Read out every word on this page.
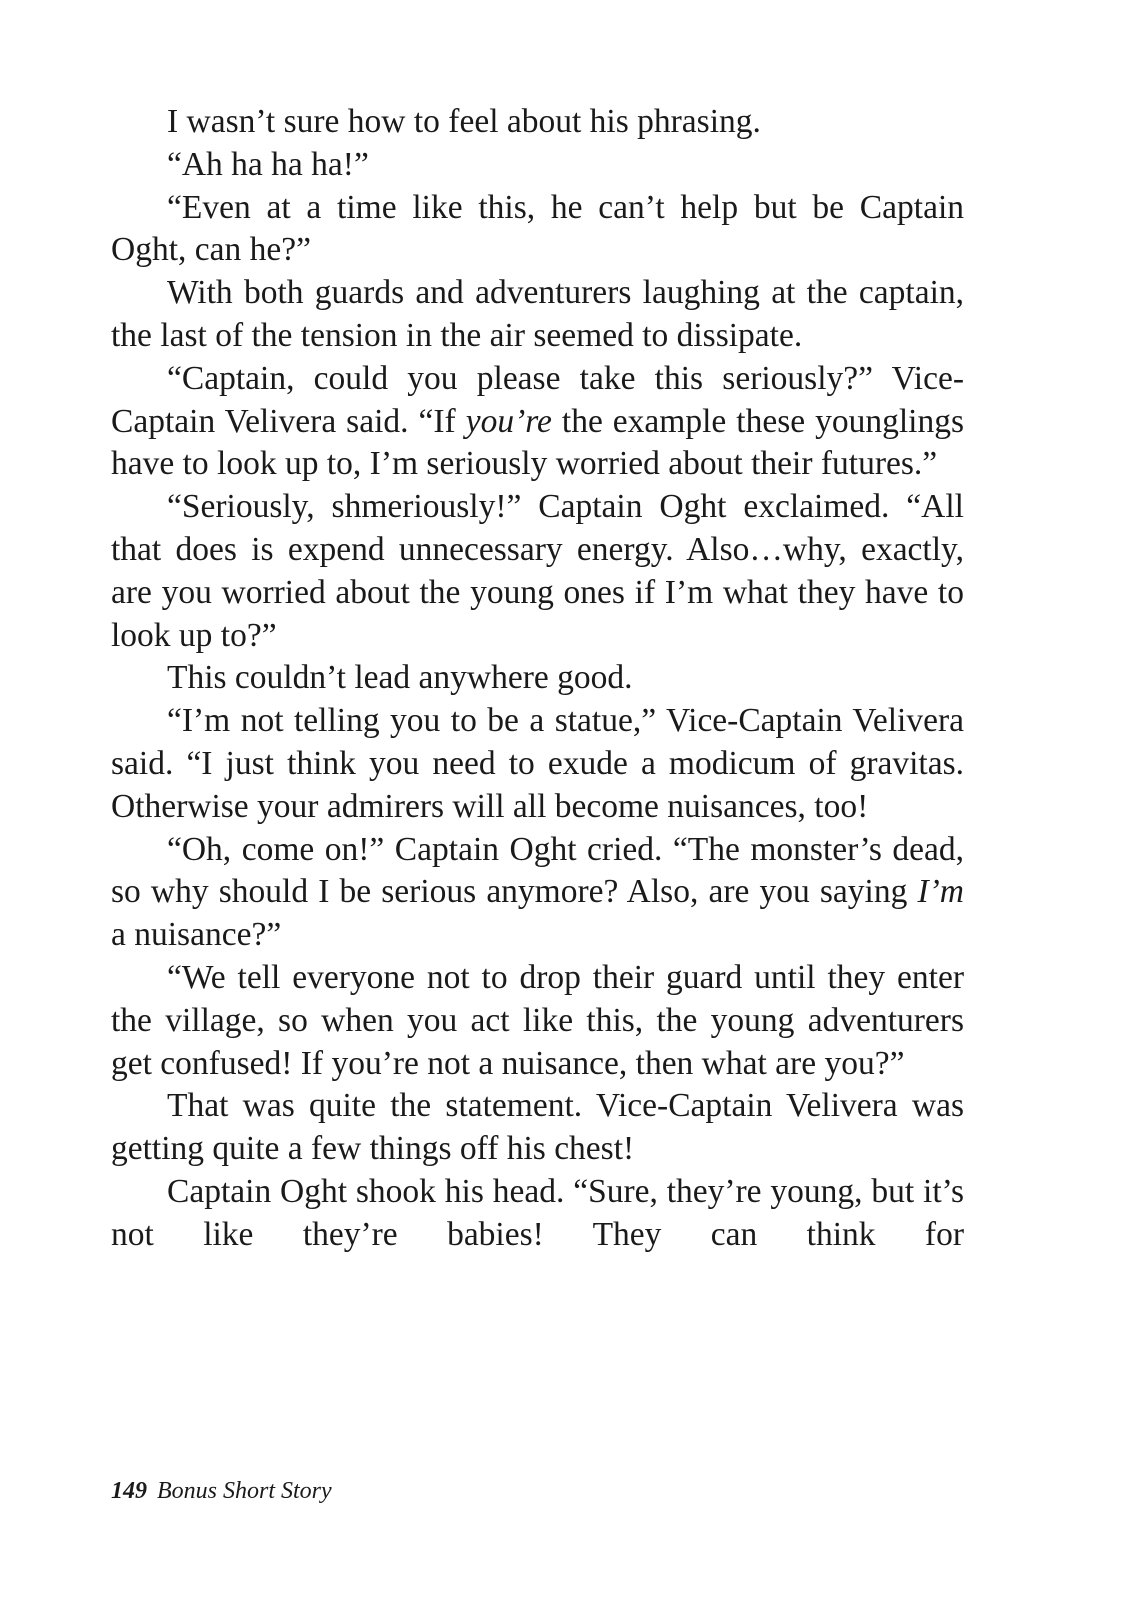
I wasn’t sure how to feel about his phrasing.

“Ah ha ha ha!”

“Even at a time like this, he can’t help but be Captain Oght, can he?”

With both guards and adventurers laughing at the captain, the last of the tension in the air seemed to dissipate.

“Captain, could you please take this seriously?” Vice-Captain Velivera said. “If you’re the example these younglings have to look up to, I’m seriously worried about their futures.”

“Seriously, shmeriously!” Captain Oght exclaimed. “All that does is expend unnecessary energy. Also…why, exactly, are you worried about the young ones if I’m what they have to look up to?”

This couldn’t lead anywhere good.

“I’m not telling you to be a statue,” Vice-Captain Velivera said. “I just think you need to exude a modicum of gravitas. Otherwise your admirers will all become nuisances, too!

“Oh, come on!” Captain Oght cried. “The monster’s dead, so why should I be serious anymore? Also, are you saying I’m a nuisance?”

“We tell everyone not to drop their guard until they enter the village, so when you act like this, the young adventurers get confused! If you’re not a nuisance, then what are you?”

That was quite the statement. Vice-Captain Velivera was getting quite a few things off his chest!

Captain Oght shook his head. “Sure, they’re young, but it’s not like they’re babies! They can think for

149 Bonus Short Story
